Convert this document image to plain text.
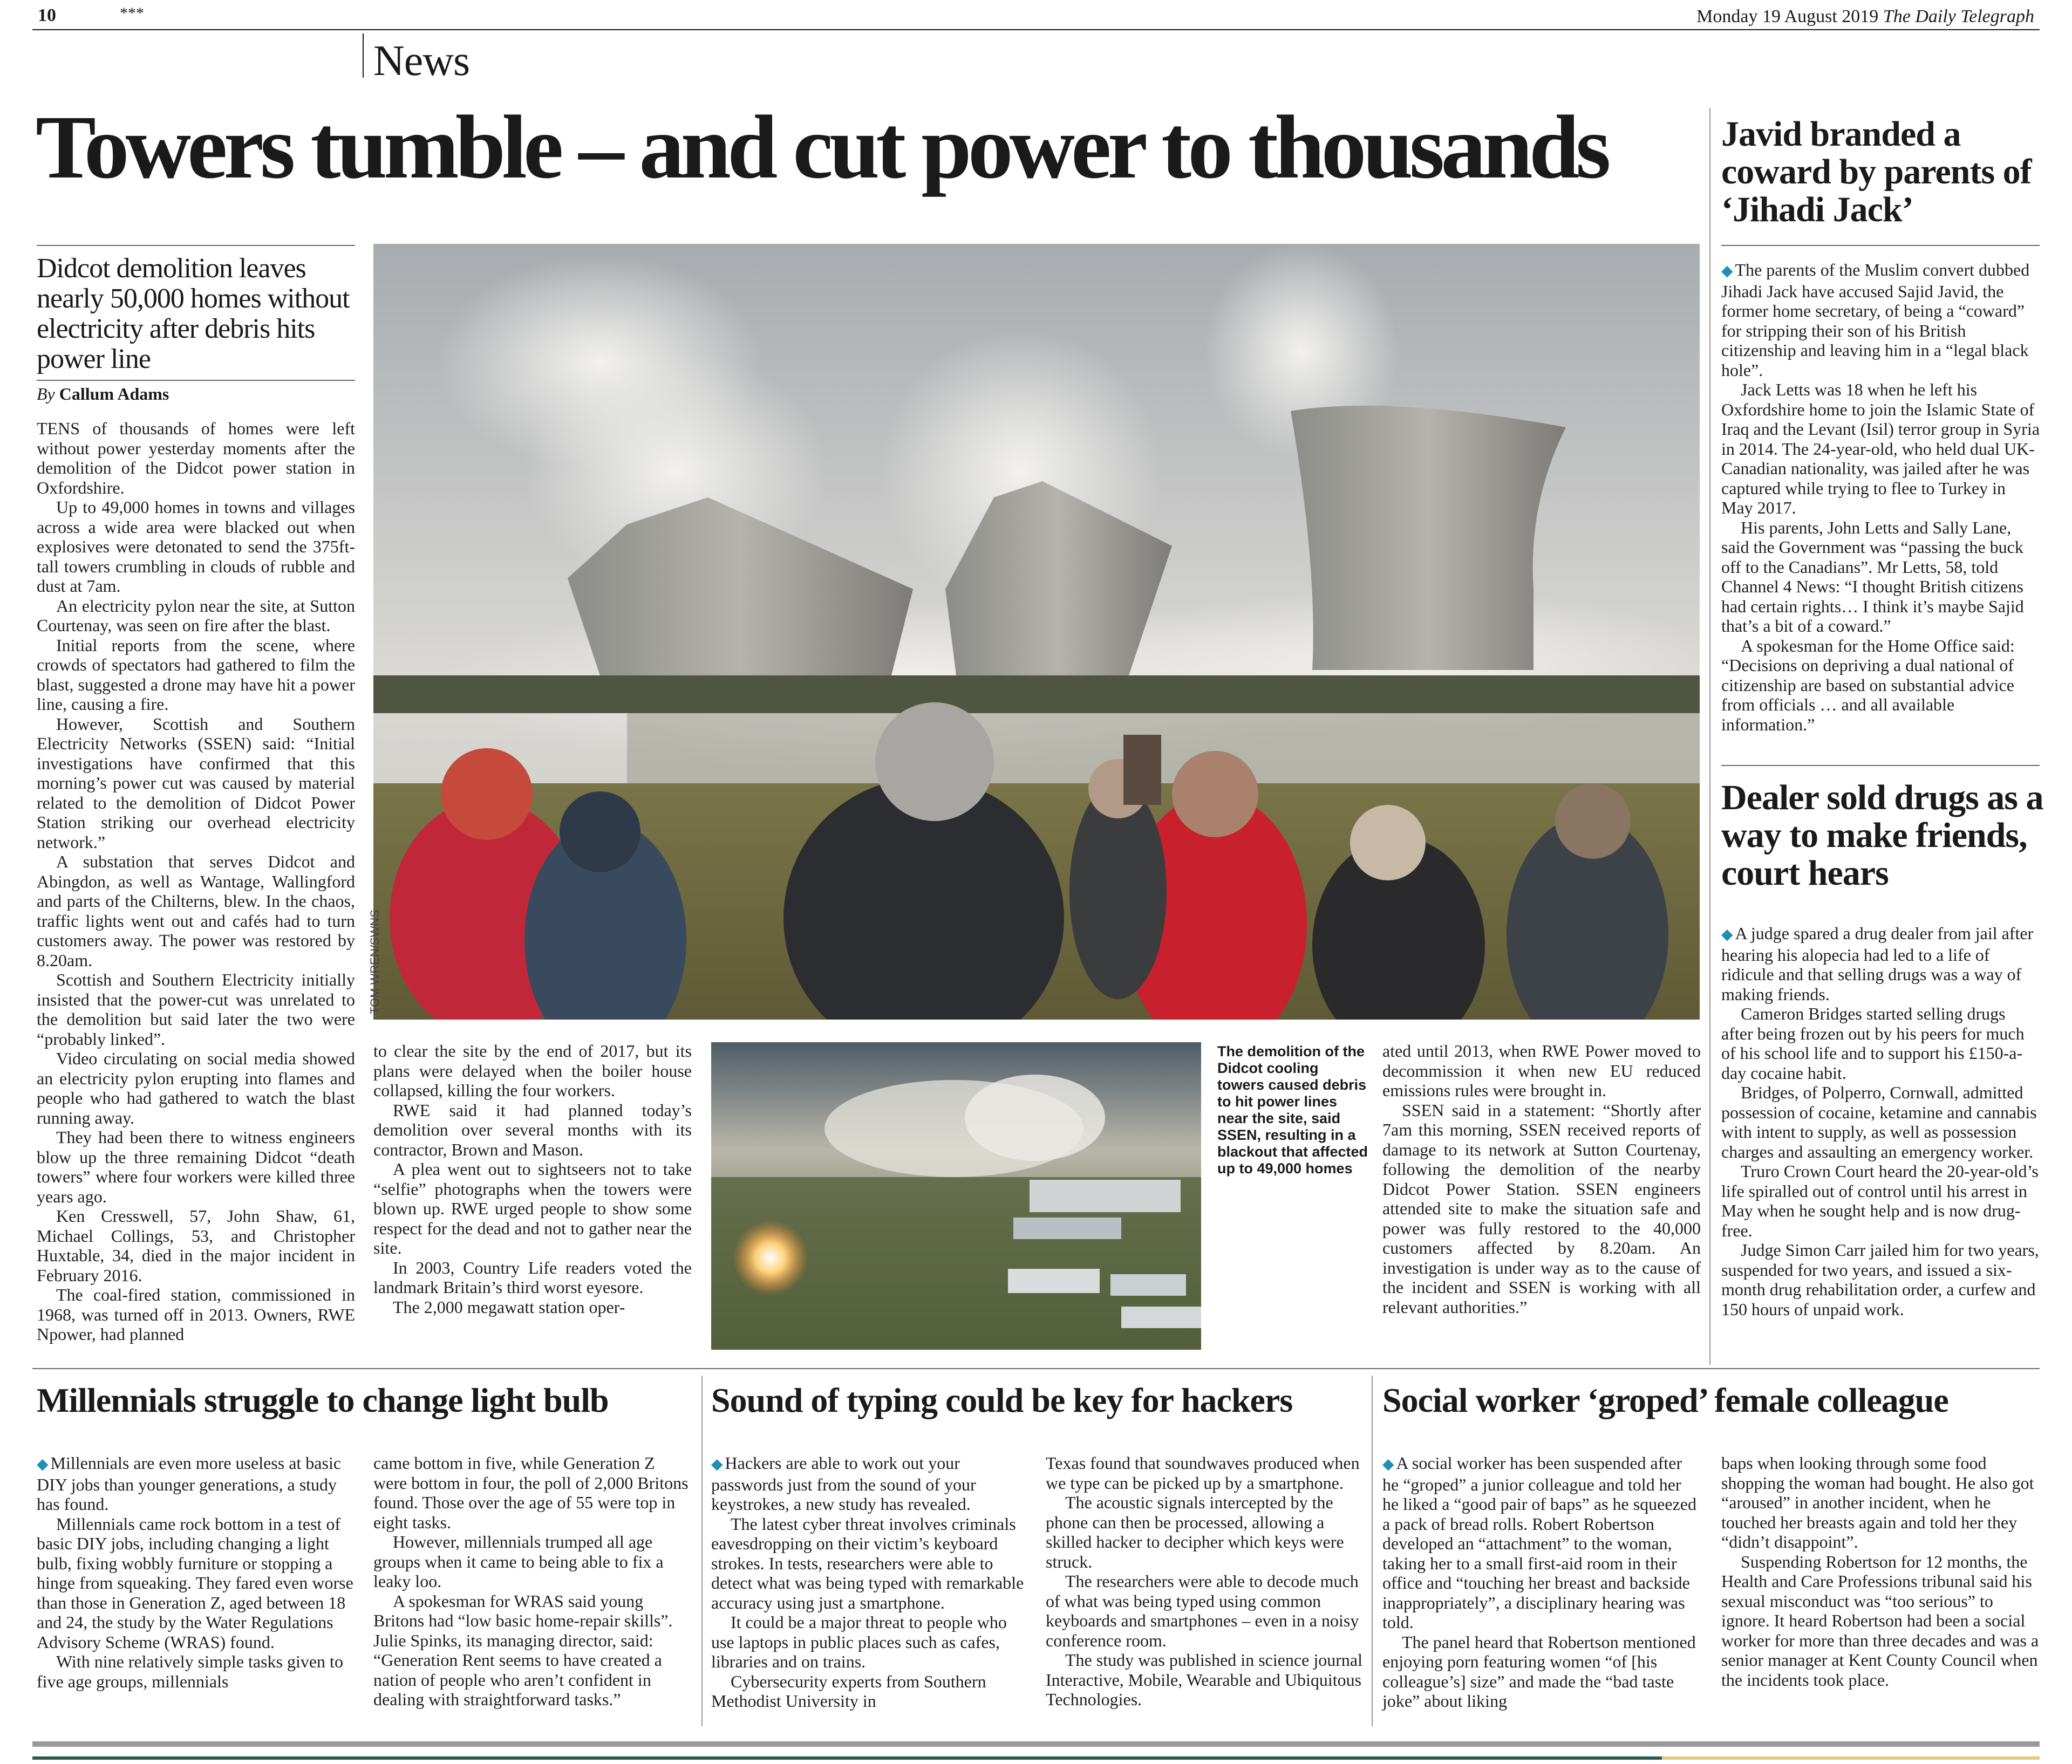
10	***	Monday 19 August 2019 The Daily Telegraph
News
Towers tumble – and cut power to thousands
Didcot demolition leaves nearly 50,000 homes without electricity after debris hits power line
By Callum Adams

TENS of thousands of homes were left without power yesterday moments after the demolition of the Didcot power station in Oxfordshire.

Up to 49,000 homes in towns and villages across a wide area were blacked out when explosives were detonated to send the 375ft-tall towers crumbling in clouds of rubble and dust at 7am.

An electricity pylon near the site, at Sutton Courtenay, was seen on fire after the blast.

Initial reports from the scene, where crowds of spectators had gathered to film the blast, suggested a drone may have hit a power line, causing a fire.

However, Scottish and Southern Electricity Networks (SSEN) said: “Initial investigations have confirmed that this morning’s power cut was caused by material related to the demolition of Didcot Power Station striking our overhead electricity network.”

A substation that serves Didcot and Abingdon, as well as Wantage, Wallingford and parts of the Chilterns, blew. In the chaos, traffic lights went out and cafés had to turn customers away. The power was restored by 8.20am.

Scottish and Southern Electricity initially insisted that the power-cut was unrelated to the demolition but said later the two were “probably linked”.

Video circulating on social media showed an electricity pylon erupting into flames and people who had gathered to watch the blast running away.

They had been there to witness engineers blow up the three remaining Didcot “death towers” where four workers were killed three years ago.

Ken Cresswell, 57, John Shaw, 61, Michael Collings, 53, and Christopher Huxtable, 34, died in the major incident in February 2016.

The coal-fired station, commissioned in 1968, was turned off in 2013. Owners, RWE Npower, had planned

TOM WREN/SWNS

to clear the site by the end of 2017, but its plans were delayed when the boiler house collapsed, killing the four workers.

RWE said it had planned today’s demolition over several months with its contractor, Brown and Mason.

A plea went out to sightseers not to take “selfie” photographs when the towers were blown up. RWE urged people to show some respect for the dead and not to gather near the site.

In 2003, Country Life readers voted the landmark Britain’s third worst eyesore.

The 2,000 megawatt station oper-

The demolition of the Didcot cooling towers caused debris to hit power lines near the site, said SSEN, resulting in a blackout that affected up to 49,000 homes

ated until 2013, when RWE Power moved to decommission it when new EU reduced emissions rules were brought in.

SSEN said in a statement: “Shortly after 7am this morning, SSEN received reports of damage to its network at Sutton Courtenay, following the demolition of the nearby Didcot Power Station. SSEN engineers attended site to make the situation safe and power was fully restored to the 40,000 customers affected by 8.20am. An investigation is under way as to the cause of the incident and SSEN is working with all relevant authorities.”

Javid branded a coward by parents of ‘Jihadi Jack’

◆ The parents of the Muslim convert dubbed Jihadi Jack have accused Sajid Javid, the former home secretary, of being a “coward” for stripping their son of his British citizenship and leaving him in a “legal black hole”.

Jack Letts was 18 when he left his Oxfordshire home to join the Islamic State of Iraq and the Levant (Isil) terror group in Syria in 2014. The 24-year-old, who held dual UK-Canadian nationality, was jailed after he was captured while trying to flee to Turkey in May 2017.

His parents, John Letts and Sally Lane, said the Government was “passing the buck off to the Canadians”. Mr Letts, 58, told Channel 4 News: “I thought British citizens had certain rights… I think it’s maybe Sajid that’s a bit of a coward.”

A spokesman for the Home Office said: “Decisions on depriving a dual national of citizenship are based on substantial advice from officials … and all available information.”

Dealer sold drugs as a way to make friends, court hears

◆ A judge spared a drug dealer from jail after hearing his alopecia had led to a life of ridicule and that selling drugs was a way of making friends.

Cameron Bridges started selling drugs after being frozen out by his peers for much of his school life and to support his £150-a-day cocaine habit.

Bridges, of Polperro, Cornwall, admitted possession of cocaine, ketamine and cannabis with intent to supply, as well as possession charges and assaulting an emergency worker.

Truro Crown Court heard the 20-year-old’s life spiralled out of control until his arrest in May when he sought help and is now drug-free.

Judge Simon Carr jailed him for two years, suspended for two years, and issued a six-month drug rehabilitation order, a curfew and 150 hours of unpaid work.

Millennials struggle to change light bulb	Sound of typing could be key for hackers	Social worker ‘groped’ female colleague

◆ Millennials are even more useless at basic DIY jobs than younger generations, a study has found.

Millennials came rock bottom in a test of basic DIY jobs, including changing a light bulb, fixing wobbly furniture or stopping a hinge from squeaking. They fared even worse than those in Generation Z, aged between 18 and 24, the study by the Water Regulations Advisory Scheme (WRAS) found.

With nine relatively simple tasks given to five age groups, millennials

came bottom in five, while Generation Z were bottom in four, the poll of 2,000 Britons found. Those over the age of 55 were top in eight tasks.

However, millennials trumped all age groups when it came to being able to fix a leaky loo.

A spokesman for WRAS said young Britons had “low basic home-repair skills”. Julie Spinks, its managing director, said: “Generation Rent seems to have created a nation of people who aren’t confident in dealing with straightforward tasks.”

◆ Hackers are able to work out your passwords just from the sound of your keystrokes, a new study has revealed.

The latest cyber threat involves criminals eavesdropping on their victim’s keyboard strokes. In tests, researchers were able to detect what was being typed with remarkable accuracy using just a smartphone.

It could be a major threat to people who use laptops in public places such as cafes, libraries and on trains.

Cybersecurity experts from Southern Methodist University in

Texas found that soundwaves produced when we type can be picked up by a smartphone.

The acoustic signals intercepted by the phone can then be processed, allowing a skilled hacker to decipher which keys were struck.

The researchers were able to decode much of what was being typed using common keyboards and smartphones – even in a noisy conference room.

The study was published in science journal Interactive, Mobile, Wearable and Ubiquitous Technologies.

◆ A social worker has been suspended after he “groped” a junior colleague and told her he liked a “good pair of baps” as he squeezed a pack of bread rolls. Robert Robertson developed an “attachment” to the woman, taking her to a small first-aid room in their office and “touching her breast and backside inappropriately”, a disciplinary hearing was told.

The panel heard that Robertson mentioned enjoying porn featuring women “of [his colleague’s] size” and made the “bad taste joke” about liking

baps when looking through some food shopping the woman had bought. He also got “aroused” in another incident, when he touched her breasts again and told her they “didn’t disappoint”.

Suspending Robertson for 12 months, the Health and Care Professions tribunal said his sexual misconduct was “too serious” to ignore. It heard Robertson had been a social worker for more than three decades and was a senior manager at Kent County Council when the incidents took place.
